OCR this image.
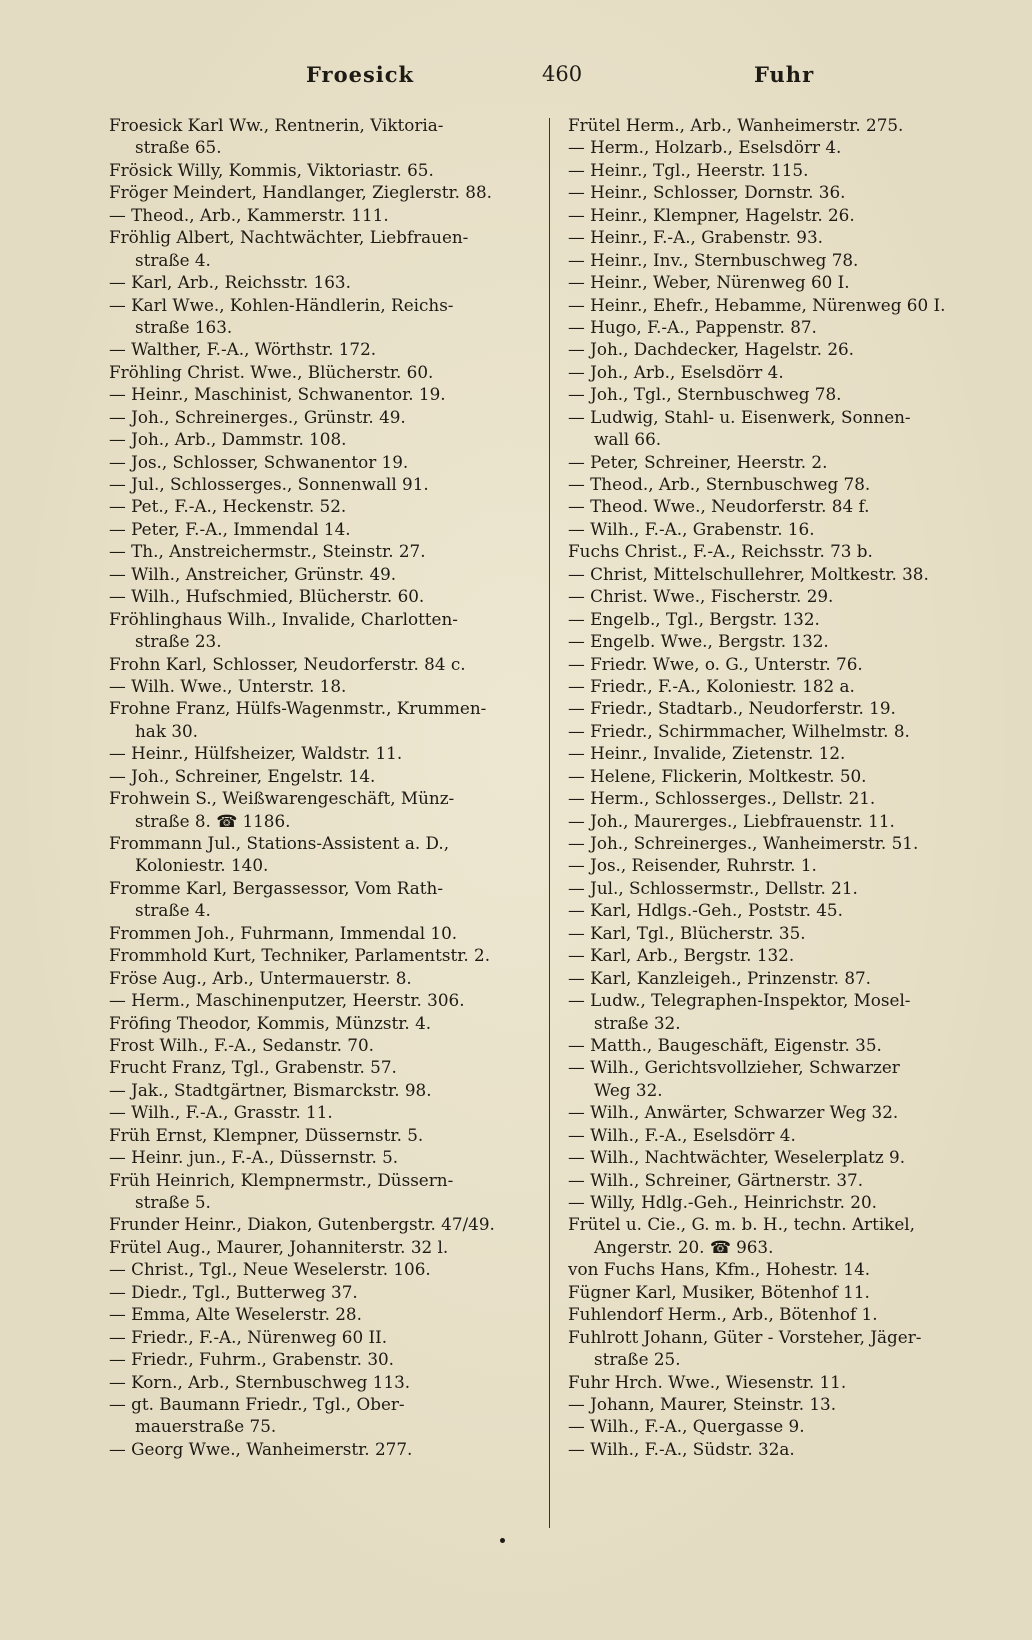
Froesick	460	Fuhr
Froesick Karl Ww., Rentnerin, Viktoria-
straße 65.
Frösick Willy, Kommis, Viktoriastr. 65.
Fröger Meindert, Handlanger, Zieglerstr. 88.
— Theod., Arb., Kammerstr. 111.
Fröhlig Albert, Nachtwächter, Liebfrauen-
straße 4.
— Karl, Arb., Reichsstr. 163.
— Karl Wwe., Kohlen-Händlerin, Reichs-
straße 163.
— Walther, F.-A., Wörthstr. 172.
Fröhling Christ. Wwe., Blücherstr. 60.
— Heinr., Maschinist, Schwanentor. 19.
— Joh., Schreinerges., Grünstr. 49.
— Joh., Arb., Dammstr. 108.
— Jos., Schlosser, Schwanentor 19.
— Jul., Schlosserges., Sonnenwall 91.
— Pet., F.-A., Heckenstr. 52.
— Peter, F.-A., Immendal 14.
— Th., Anstreichermstr., Steinstr. 27.
— Wilh., Anstreicher, Grünstr. 49.
— Wilh., Hufschmied, Blücherstr. 60.
Fröhlinghaus Wilh., Invalide, Charlotten-
straße 23.
Frohn Karl, Schlosser, Neudorferstr. 84 c.
— Wilh. Wwe., Unterstr. 18.
Frohne Franz, Hülfs-Wagenmstr., Krummen-
hak 30.
— Heinr., Hülfsheizer, Waldstr. 11.
— Joh., Schreiner, Engelstr. 14.
Frohwein S., Weißwarengeschäft, Münz-
straße 8. ☎ 1186.
Frommann Jul., Stations-Assistent a. D.,
Koloniestr. 140.
Fromme Karl, Bergassessor, Vom Rath-
straße 4.
Frommen Joh., Fuhrmann, Immendal 10.
Frommhold Kurt, Techniker, Parlamentstr. 2.
Fröse Aug., Arb., Untermauerstr. 8.
— Herm., Maschinenputzer, Heerstr. 306.
Fröfing Theodor, Kommis, Münzstr. 4.
Frost Wilh., F.-A., Sedanstr. 70.
Frucht Franz, Tgl., Grabenstr. 57.
— Jak., Stadtgärtner, Bismarckstr. 98.
— Wilh., F.-A., Grasstr. 11.
Früh Ernst, Klempner, Düssernstr. 5.
— Heinr. jun., F.-A., Düssernstr. 5.
Früh Heinrich, Klempnermstr., Düssern-
straße 5.
Frunder Heinr., Diakon, Gutenbergstr. 47/49.
Frütel Aug., Maurer, Johanniterstr. 32 l.
— Christ., Tgl., Neue Weselerstr. 106.
— Diedr., Tgl., Butterweg 37.
— Emma, Alte Weselerstr. 28.
— Friedr., F.-A., Nürenweg 60 II.
— Friedr., Fuhrm., Grabenstr. 30.
— Korn., Arb., Sternbuschweg 113.
— gt. Baumann Friedr., Tgl., Ober-
mauerstraße 75.
— Georg Wwe., Wanheimerstr. 277.
Frütel Herm., Arb., Wanheimerstr. 275.
— Herm., Holzarb., Eselsdörr 4.
— Heinr., Tgl., Heerstr. 115.
— Heinr., Schlosser, Dornstr. 36.
— Heinr., Klempner, Hagelstr. 26.
— Heinr., F.-A., Grabenstr. 93.
— Heinr., Inv., Sternbuschweg 78.
— Heinr., Weber, Nürenweg 60 I.
— Heinr., Ehefr., Hebamme, Nürenweg 60 I.
— Hugo, F.-A., Pappenstr. 87.
— Joh., Dachdecker, Hagelstr. 26.
— Joh., Arb., Eselsdörr 4.
— Joh., Tgl., Sternbuschweg 78.
— Ludwig, Stahl- u. Eisenwerk, Sonnen-
wall 66.
— Peter, Schreiner, Heerstr. 2.
— Theod., Arb., Sternbuschweg 78.
— Theod. Wwe., Neudorferstr. 84 f.
— Wilh., F.-A., Grabenstr. 16.
Fuchs Christ., F.-A., Reichsstr. 73 b.
— Christ, Mittelschullehrer, Moltkestr. 38.
— Christ. Wwe., Fischerstr. 29.
— Engelb., Tgl., Bergstr. 132.
— Engelb. Wwe., Bergstr. 132.
— Friedr. Wwe, o. G., Unterstr. 76.
— Friedr., F.-A., Koloniestr. 182 a.
— Friedr., Stadtarb., Neudorferstr. 19.
— Friedr., Schirmmacher, Wilhelmstr. 8.
— Heinr., Invalide, Zietenstr. 12.
— Helene, Flickerin, Moltkestr. 50.
— Herm., Schlosserges., Dellstr. 21.
— Joh., Maurerges., Liebfrauenstr. 11.
— Joh., Schreinerges., Wanheimerstr. 51.
— Jos., Reisender, Ruhrstr. 1.
— Jul., Schlossermstr., Dellstr. 21.
— Karl, Hdlgs.-Geh., Poststr. 45.
— Karl, Tgl., Blücherstr. 35.
— Karl, Arb., Bergstr. 132.
— Karl, Kanzleigeh., Prinzenstr. 87.
— Ludw., Telegraphen-Inspektor, Mosel-
straße 32.
— Matth., Baugeschäft, Eigenstr. 35.
— Wilh., Gerichtsvollzieher, Schwarzer
Weg 32.
— Wilh., Anwärter, Schwarzer Weg 32.
— Wilh., F.-A., Eselsdörr 4.
— Wilh., Nachtwächter, Weselerplatz 9.
— Wilh., Schreiner, Gärtnerstr. 37.
— Willy, Hdlg.-Geh., Heinrichstr. 20.
Frütel u. Cie., G. m. b. H., techn. Artikel,
Angerstr. 20. ☎ 963.
von Fuchs Hans, Kfm., Hohestr. 14.
Fügner Karl, Musiker, Bötenhof 11.
Fuhlendorf Herm., Arb., Bötenhof 1.
Fuhlrott Johann, Güter - Vorsteher, Jäger-
straße 25.
Fuhr Hrch. Wwe., Wiesenstr. 11.
— Johann, Maurer, Steinstr. 13.
— Wilh., F.-A., Quergasse 9.
— Wilh., F.-A., Südstr. 32a.
